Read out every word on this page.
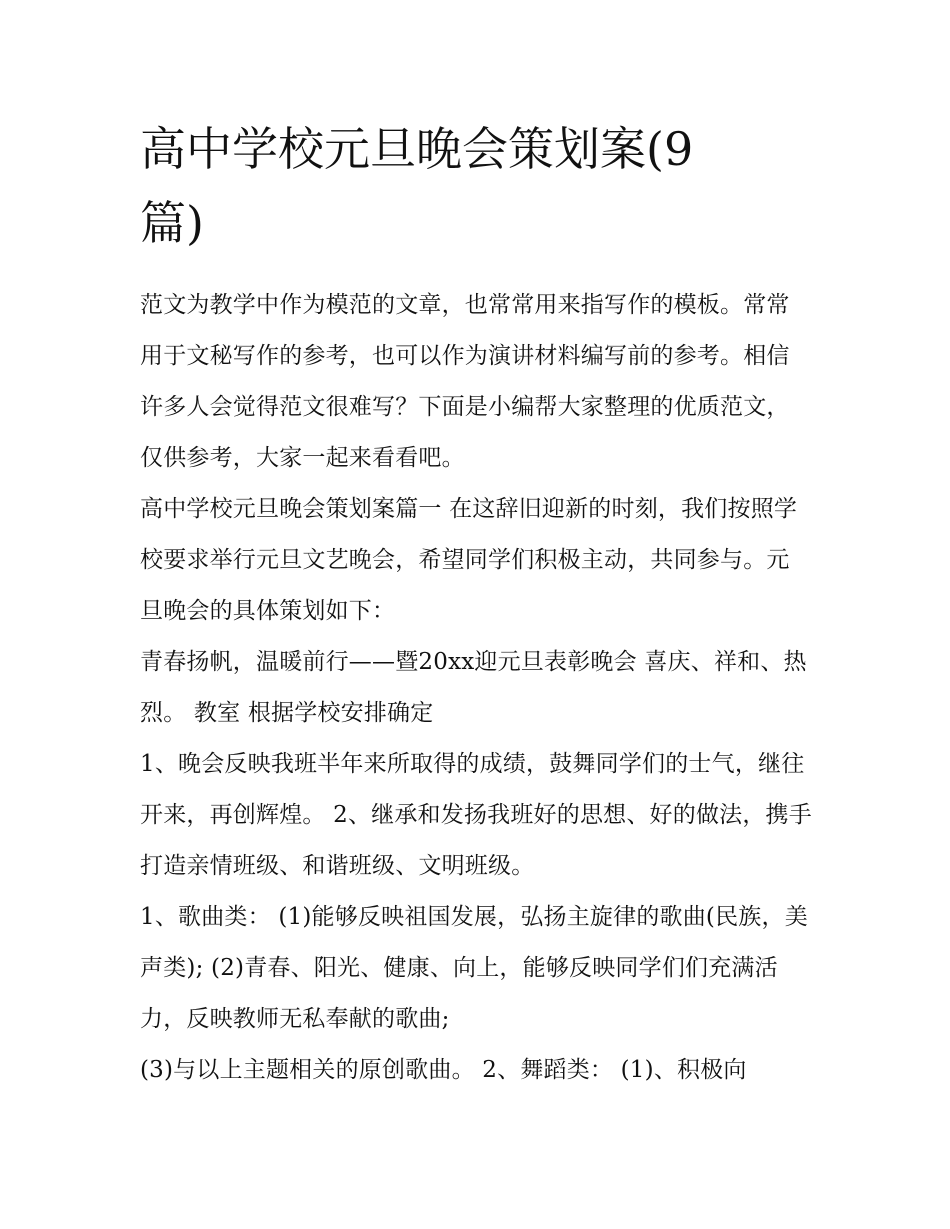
高中学校元旦晚会策划案(9篇)

范文为教学中作为模范的文章，也常常用来指写作的模板。常常用于文秘写作的参考，也可以作为演讲材料编写前的参考。相信许多人会觉得范文很难写？下面是小编帮大家整理的优质范文，仅供参考，大家一起来看看吧。

高中学校元旦晚会策划案篇一 在这辞旧迎新的时刻，我们按照学校要求举行元旦文艺晚会，希望同学们积极主动，共同参与。元旦晚会的具体策划如下：

青春扬帆，温暖前行——暨20xx迎元旦表彰晚会 喜庆、祥和、热烈。 教室 根据学校安排确定

1、晚会反映我班半年来所取得的成绩，鼓舞同学们的士气，继往开来，再创辉煌。 2、继承和发扬我班好的思想、好的做法，携手打造亲情班级、和谐班级、文明班级。

1、歌曲类： (1)能够反映祖国发展，弘扬主旋律的歌曲(民族，美声类); (2)青春、阳光、健康、向上，能够反映同学们们充满活力，反映教师无私奉献的歌曲;

(3)与以上主题相关的原创歌曲。 2、舞蹈类： (1)、积极向
